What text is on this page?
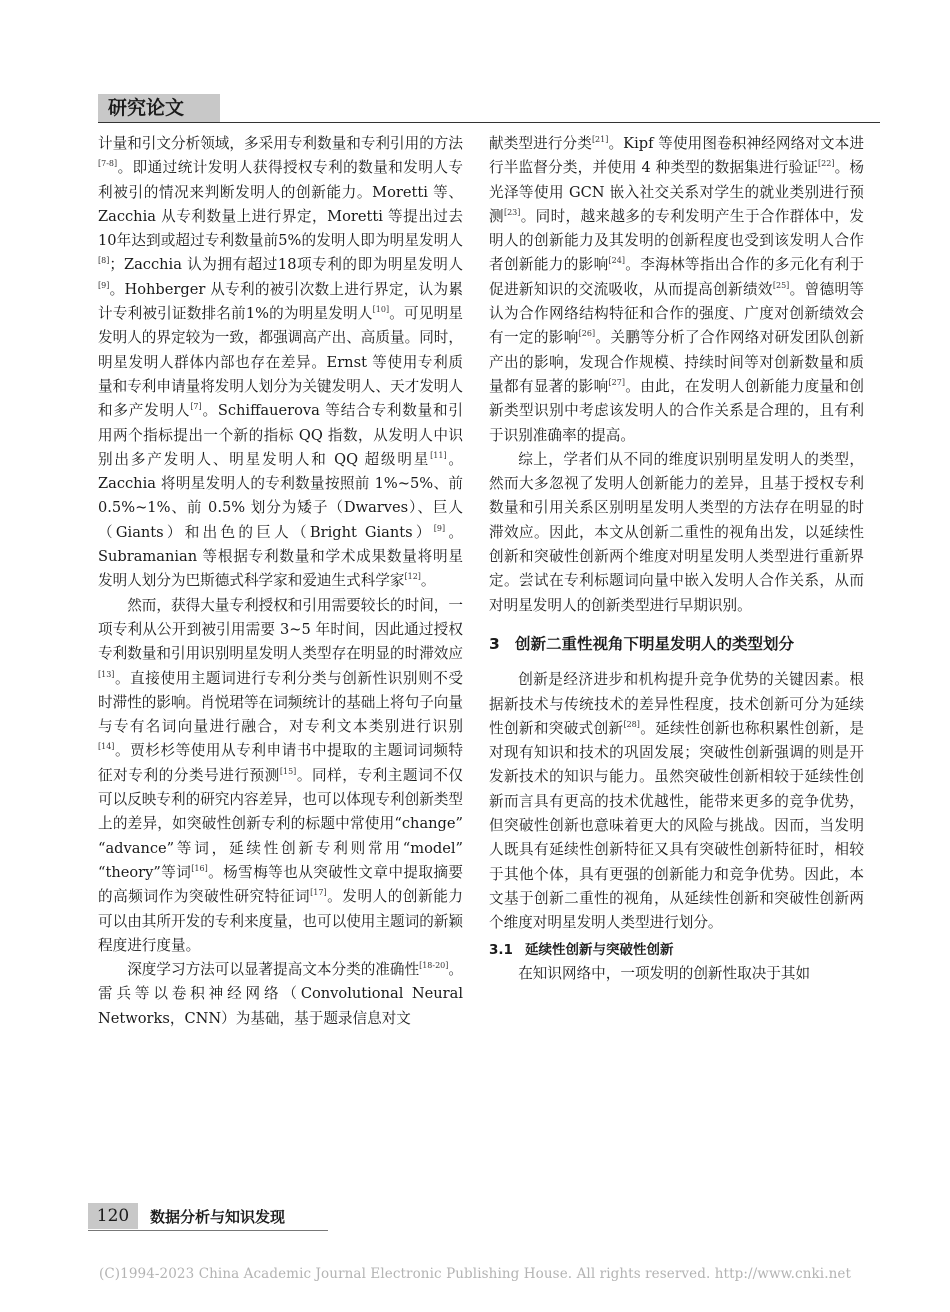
研究论文

计量和引文分析领域，多采用专利数量和专利引用的方法[7-8]。即通过统计发明人获得授权专利的数量和发明人专利被引的情况来判断发明人的创新能力。Moretti 等、Zacchia 从专利数量上进行界定，Moretti 等提出过去10年达到或超过专利数量前5%的发明人即为明星发明人[8]；Zacchia 认为拥有超过18项专利的即为明星发明人[9]。Hohberger 从专利的被引次数上进行界定，认为累计专利被引证数排名前1%的为明星发明人[10]。可见明星发明人的界定较为一致，都强调高产出、高质量。同时，明星发明人群体内部也存在差异。Ernst 等使用专利质量和专利申请量将发明人划分为关键发明人、天才发明人和多产发明人[7]。Schiffauerova 等结合专利数量和引用两个指标提出一个新的指标 QQ 指数，从发明人中识别出多产发明人、明星发明人和 QQ 超级明星[11]。Zacchia 将明星发明人的专利数量按照前 1%~5%、前 0.5%~1%、前 0.5% 划分为矮子（Dwarves）、巨人（Giants）和出色的巨人（Bright Giants）[9]。Subramanian 等根据专利数量和学术成果数量将明星发明人划分为巴斯德式科学家和爱迪生式科学家[12]。

然而，获得大量专利授权和引用需要较长的时间，一项专利从公开到被引用需要 3~5 年时间，因此通过授权专利数量和引用识别明星发明人类型存在明显的时滞效应[13]。直接使用主题词进行专利分类与创新性识别则不受时滞性的影响。肖悦珺等在词频统计的基础上将句子向量与专有名词向量进行融合，对专利文本类别进行识别[14]。贾杉杉等使用从专利申请书中提取的主题词词频特征对专利的分类号进行预测[15]。同样，专利主题词不仅可以反映专利的研究内容差异，也可以体现专利创新类型上的差异，如突破性创新专利的标题中常使用“change” “advance”等词，延续性创新专利则常用“model” “theory”等词[16]。杨雪梅等也从突破性文章中提取摘要的高频词作为突破性研究特征词[17]。发明人的创新能力可以由其所开发的专利来度量，也可以使用主题词的新颖程度进行度量。

深度学习方法可以显著提高文本分类的准确性[18-20]。雷兵等以卷积神经网络（Convolutional Neural Networks，CNN）为基础，基于题录信息对文

献类型进行分类[21]。Kipf 等使用图卷积神经网络对文本进行半监督分类，并使用 4 种类型的数据集进行验证[22]。杨光泽等使用 GCN 嵌入社交关系对学生的就业类别进行预测[23]。同时，越来越多的专利发明产生于合作群体中，发明人的创新能力及其发明的创新程度也受到该发明人合作者创新能力的影响[24]。李海林等指出合作的多元化有利于促进新知识的交流吸收，从而提高创新绩效[25]。曾德明等认为合作网络结构特征和合作的强度、广度对创新绩效会有一定的影响[26]。关鹏等分析了合作网络对研发团队创新产出的影响，发现合作规模、持续时间等对创新数量和质量都有显著的影响[27]。由此，在发明人创新能力度量和创新类型识别中考虑该发明人的合作关系是合理的，且有利于识别准确率的提高。

综上，学者们从不同的维度识别明星发明人的类型，然而大多忽视了发明人创新能力的差异，且基于授权专利数量和引用关系区别明星发明人类型的方法存在明显的时滞效应。因此，本文从创新二重性的视角出发，以延续性创新和突破性创新两个维度对明星发明人类型进行重新界定。尝试在专利标题词向量中嵌入发明人合作关系，从而对明星发明人的创新类型进行早期识别。

3 创新二重性视角下明星发明人的类型划分

创新是经济进步和机构提升竞争优势的关键因素。根据新技术与传统技术的差异性程度，技术创新可分为延续性创新和突破式创新[28]。延续性创新也称积累性创新，是对现有知识和技术的巩固发展；突破性创新强调的则是开发新技术的知识与能力。虽然突破性创新相较于延续性创新而言具有更高的技术优越性，能带来更多的竞争优势，但突破性创新也意味着更大的风险与挑战。因而，当发明人既具有延续性创新特征又具有突破性创新特征时，相较于其他个体，具有更强的创新能力和竞争优势。因此，本文基于创新二重性的视角，从延续性创新和突破性创新两个维度对明星发明人类型进行划分。

3.1 延续性创新与突破性创新

在知识网络中，一项发明的创新性取决于其如

120	数据分析与知识发现
(C)1994-2023 China Academic Journal Electronic Publishing House. All rights reserved. http://www.cnki.net
